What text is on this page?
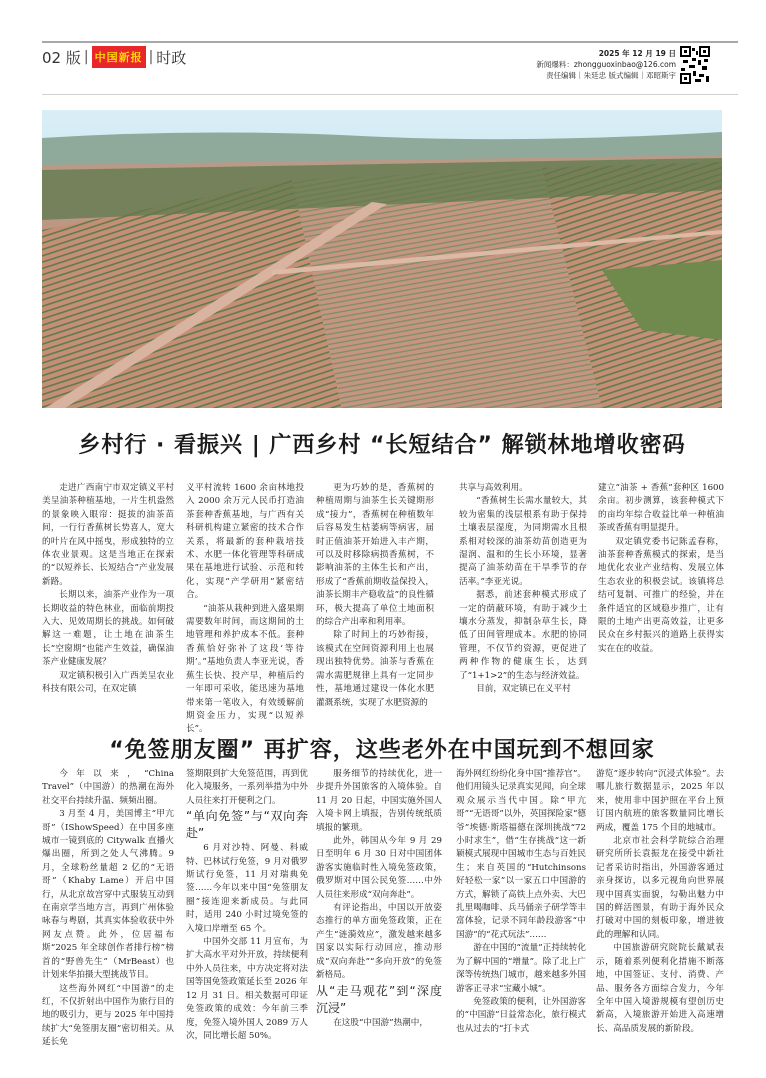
02 版 | 中国新报 | 时政	2025 年 12 月 19 日
新闻爆料：zhongguoxinbao@126.com
责任编辑｜朱廷忠 版式编辑｜邓昭斯宇
乡村行 · 看振兴 | 广西乡村 “长短结合” 解锁林地增收密码

走进广西南宁市双定镇义平村美呈油茶种植基地，一片生机盎然的景象映入眼帘：挺拔的油茶苗间，一行行香蕉树长势喜人，宽大的叶片在风中摇曳，形成独特的立体农业景观。这是当地正在探索的“以短养长、长短结合”产业发展新路。

长期以来，油茶产业作为一项长期收益的特色林业，面临前期投入大、见效周期长的挑战。如何破解这一难题，让土地在油茶生长“空窗期”也能产生效益，确保油茶产业健康发展？

双定镇积极引入广西美呈农业科技有限公司，在双定镇

义平村流转 1600 余亩林地投入 2000 余万元人民币打造油茶套种香蕉基地，与广西有关科研机构建立紧密的技术合作关系，将最新的套种栽培技术、水肥一体化管理等科研成果在基地进行试验、示范和转化，实现“产学研用”紧密结合。

“油茶从栽种到进入盛果期需要数年时间，而这期间的土地管理和养护成本不低。套种香蕉恰好弥补了这段‘等待期’。”基地负责人李亚光说，香蕉生长快、投产早，种植后约一年即可采收，能迅速为基地带来第一笔收入，有效缓解前期资金压力，实现“以短养长”。

更为巧妙的是，香蕉树的种植周期与油茶生长关键期形成“接力”，香蕉树在种植数年后容易发生枯萎病等病害，届时正值油茶开始进入丰产期，可以及时移除病损香蕉树，不影响油茶的主体生长和产出，形成了“香蕉前期收益保投入，油茶长期丰产稳收益”的良性循环，极大提高了单位土地面积的综合产出率和利用率。

除了时间上的巧妙衔接，该模式在空间资源利用上也展现出独特优势。油茶与香蕉在需水需肥规律上具有一定同步性，基地通过建设一体化水肥灌溉系统，实现了水肥资源的

共享与高效利用。

“香蕉树生长需水量较大，其较为密集的浅层根系有助于保持土壤表层湿度，为同期需水且根系相对较深的油茶幼苗创造更为湿润、温和的生长小环境，显著提高了油茶幼苗在干旱季节的存活率。”李亚光说。

据悉，前述套种模式形成了一定的荫蔽环境，有助于减少土壤水分蒸发，抑制杂草生长，降低了田间管理成本。水肥的协同管理，不仅节约资源，更促进了两种作物的健康生长，达到了“1+1>2”的生态与经济效益。

目前，双定镇已在义平村

建立“油茶 + 香蕉”套种区 1600 余亩。初步测算，该套种模式下的亩均年综合收益比单一种植油茶或香蕉有明显提升。

双定镇党委书记陈孟春称，油茶套种香蕉模式的探索，是当地优化农业产业结构、发展立体生态农业的积极尝试。该镇将总结可复制、可推广的经验，并在条件适宜的区域稳步推广，让有限的土地产出更高效益，让更多民众在乡村振兴的道路上获得实实在在的收益。

“免签朋友圈” 再扩容，这些老外在中国玩到不想回家

今年以来，“China Travel”（中国游）的热潮在海外社交平台持续升温、频频出圈。

3 月至 4 月，美国博主“甲亢哥”（IShowSpeed）在中国多座城市一镜到底的 Citywalk 直播火爆出圈，所到之处人气沸腾。9 月，全球粉丝量超 2 亿的“无语哥”（Khaby Lame）开启中国行，从北京故宫穿中式服装互动到在南京学当地方言，再到广州体验咏春与粤剧，其真实体验收获中外网友点赞。此外，位居福布斯“2025 年全球创作者排行榜”榜首的“野兽先生”（MrBeast）也计划来华拍摄大型挑战节目。

这些海外网红“中国游”的走红，不仅折射出中国作为旅行目的地的吸引力，更与 2025 年中国持续扩大“免签朋友圈”密切相关。从延长免

签期限到扩大免签范围，再到优化入境服务，一系列举措为中外人员往来打开便利之门。

“单向免签”与“双向奔赴”

6 月对沙特、阿曼、科威特、巴林试行免签，9 月对俄罗斯试行免签，11 月对瑞典免签……今年以来中国“免签朋友圈”接连迎来新成员。与此同时，适用 240 小时过境免签的入境口岸增至 65 个。

中国外交部 11 月宣布，为扩大高水平对外开放，持续便利中外人员往来，中方决定将对法国等国免签政策延长至 2026 年 12 月 31 日。相关数据可印证免签政策的成效：今年前三季度，免签入境外国人 2089 万人次，同比增长超 50%。

服务细节的持续优化，进一步提升外国旅客的入境体验。自 11 月 20 日起，中国实施外国人入境卡网上填报，告别传统纸质填报的繁琐。

此外，韩国从今年 9 月 29 日至明年 6 月 30 日对中国团体游客实施临时性入境免签政策，俄罗斯对中国公民免签……中外人员往来形成“双向奔赴”。

有评论指出，中国以开放姿态推行的单方面免签政策，正在产生“涟漪效应”，激发越来越多国家以实际行动回应，推动形成“双向奔赴”“多向开放”的免签新格局。

从“走马观花”到“深度沉浸”

在这股“中国游”热潮中，

海外网红纷纷化身中国“推荐官”。他们用镜头记录真实见闻，向全球观众展示当代中国。除“甲亢哥”“无语哥”以外，英国探险家“德爷”埃德·斯塔福德在深圳挑战“72 小时求生”，借“生存挑战”这一新颖模式展现中国城市生态与百姓民生；来自英国的“Hutchinsons 好轻松一家”以一家五口中国游的方式，解锁了高铁上点外卖、大巴扎里喝咖啡、兵马俑亲子研学等丰富体验，记录不同年龄段游客“中国游”的“花式玩法”……

游在中国的“流量”正持续转化为了解中国的“增量”。除了北上广深等传统热门城市，越来越多外国游客正寻求“宝藏小城”。

免签政策的便利，让外国游客的“中国游”日益常态化，旅行模式也从过去的“打卡式

游览”逐步转向“沉浸式体验”。去哪儿旅行数据显示，2025 年以来，使用非中国护照在平台上预订国内航班的旅客数量同比增长两成，覆盖 175 个目的地城市。

北京市社会科学院综合治理研究所所长袁振龙在接受中新社记者采访时指出，外国游客通过亲身探访，以多元视角向世界展现中国真实面貌，勾勒出魅力中国的鲜活图景，有助于海外民众打破对中国的刻板印象，增进彼此的理解和认同。

中国旅游研究院院长戴斌表示，随着系列便利化措施不断落地，中国签证、支付、消费、产品、服务各方面综合发力，今年全年中国入境游规模有望创历史新高，入境旅游开始进入高速增长、高品质发展的新阶段。
